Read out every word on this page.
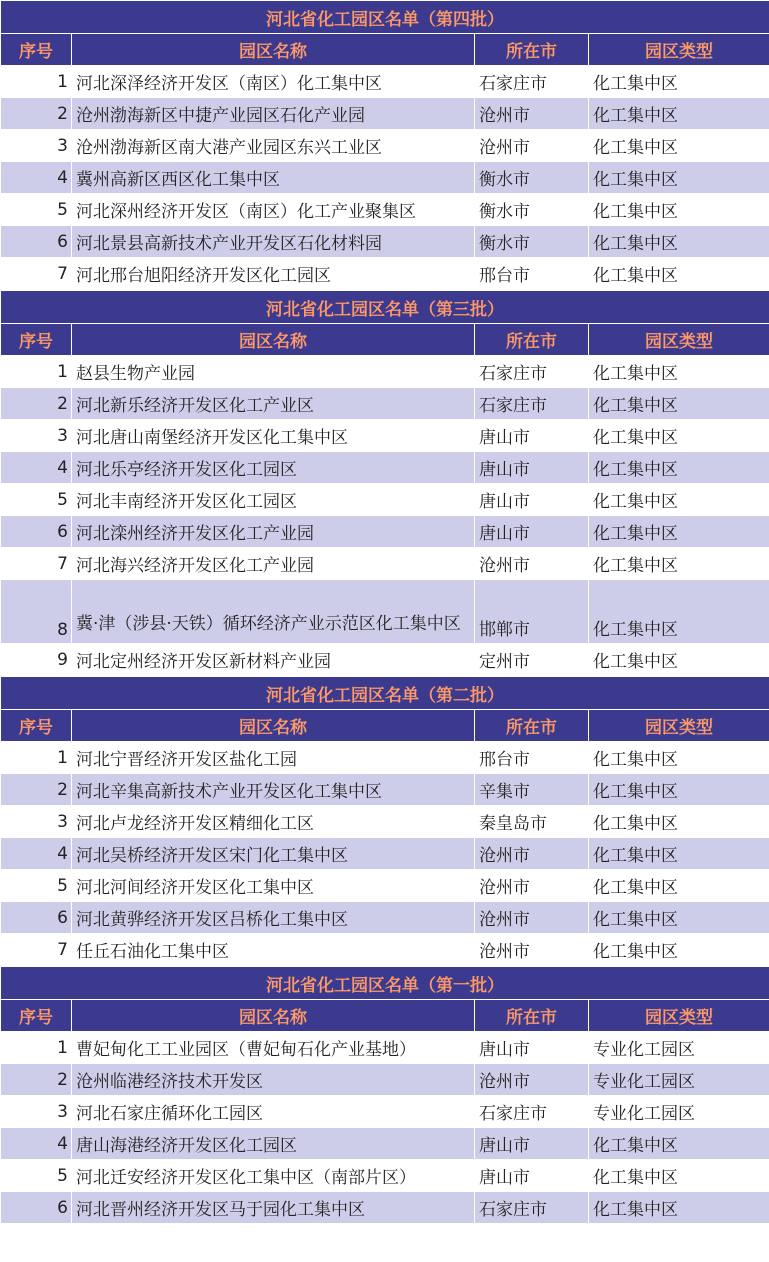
河北省化工园区名单（第四批）			
序号	园区名称	所在市	园区类型
1	河北深泽经济开发区（南区）化工集中区	石家庄市	化工集中区
2	沧州渤海新区中捷产业园区石化产业园	沧州市	化工集中区
3	沧州渤海新区南大港产业园区东兴工业区	沧州市	化工集中区
4	冀州高新区西区化工集中区	衡水市	化工集中区
5	河北深州经济开发区（南区）化工产业聚集区	衡水市	化工集中区
6	河北景县高新技术产业开发区石化材料园	衡水市	化工集中区
7	河北邢台旭阳经济开发区化工园区	邢台市	化工集中区
河北省化工园区名单（第三批）			
序号	园区名称	所在市	园区类型
1	赵县生物产业园	石家庄市	化工集中区
2	河北新乐经济开发区化工产业区	石家庄市	化工集中区
3	河北唐山南堡经济开发区化工集中区	唐山市	化工集中区
4	河北乐亭经济开发区化工园区	唐山市	化工集中区
5	河北丰南经济开发区化工园区	唐山市	化工集中区
6	河北滦州经济开发区化工产业园	唐山市	化工集中区
7	河北海兴经济开发区化工产业园	沧州市	化工集中区
8	冀·津（涉县·天铁）循环经济产业示范区化工集中区	邯郸市	化工集中区
9	河北定州经济开发区新材料产业园	定州市	化工集中区
河北省化工园区名单（第二批）			
序号	园区名称	所在市	园区类型
1	河北宁晋经济开发区盐化工园	邢台市	化工集中区
2	河北辛集高新技术产业开发区化工集中区	辛集市	化工集中区
3	河北卢龙经济开发区精细化工区	秦皇岛市	化工集中区
4	河北吴桥经济开发区宋门化工集中区	沧州市	化工集中区
5	河北河间经济开发区化工集中区	沧州市	化工集中区
6	河北黄骅经济开发区吕桥化工集中区	沧州市	化工集中区
7	任丘石油化工集中区	沧州市	化工集中区
河北省化工园区名单（第一批）			
序号	园区名称	所在市	园区类型
1	曹妃甸化工工业园区（曹妃甸石化产业基地）	唐山市	专业化工园区
2	沧州临港经济技术开发区	沧州市	专业化工园区
3	河北石家庄循环化工园区	石家庄市	专业化工园区
4	唐山海港经济开发区化工园区	唐山市	化工集中区
5	河北迁安经济开发区化工集中区（南部片区）	唐山市	化工集中区
6	河北晋州经济开发区马于园化工集中区	石家庄市	化工集中区
